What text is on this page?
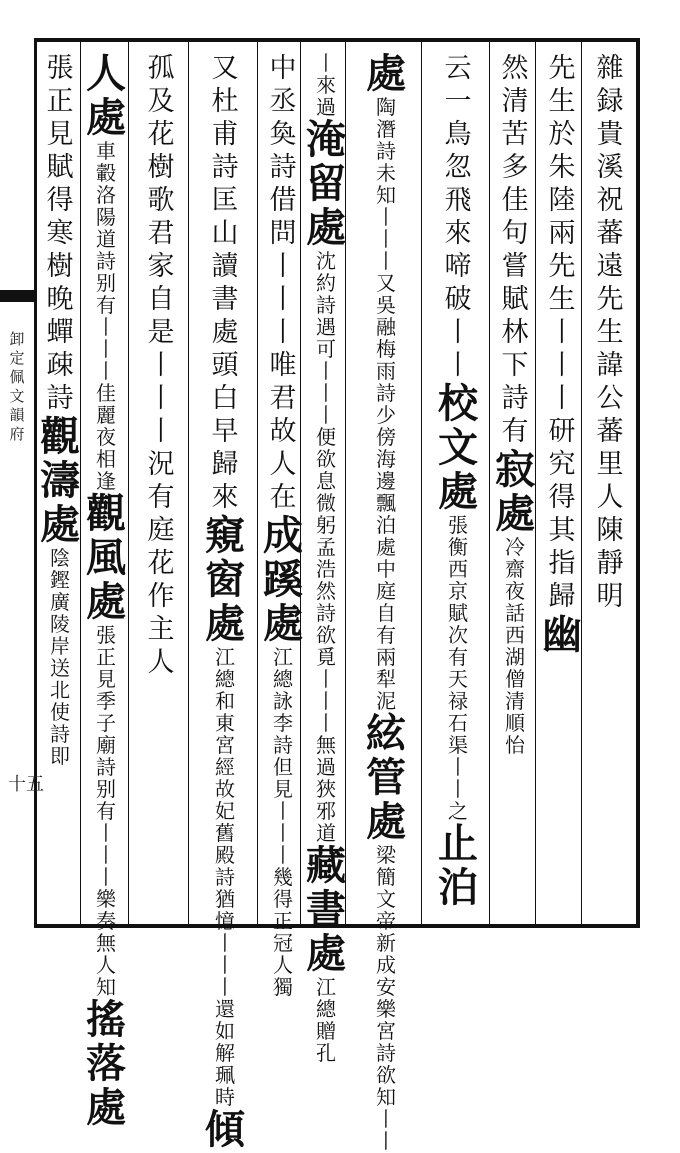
卸
定
佩
文
韻
府
十五
雜
録
貴
溪
祝
蕃
遠
先
生
諱
公
蕃
里
人
陳
靜
明
先
生
於
朱
陸
兩
先
生
丨
丨
丨
研
究
得
其
指
歸
幽
然
清
苦
多
佳
句
嘗
賦
林
下
詩
有
寂
處
冷
齋
夜
話
西
湖
僧
清
順
怡
云
一
鳥
忽
飛
來
啼
破
丨
丨
校
文
處
張
衡
西
京
賦
次
有
天
禄
石
渠
丨
丨
之
止
泊
處
陶
潛
詩
未
知
丨
丨
丨
又
吳
融
梅
雨
詩
少
傍
海
邊
飄
泊
處
中
庭
自
有
兩
犁
泥
絃
管
處
梁
簡
文
帝
新
成
安
樂
宮
詩
欲
知
丨
丨
丨
來
過
淹
留
處
沈
約
詩
遇
可
丨
丨
丨
便
欲
息
微
躬
孟
浩
然
詩
欲
覓
丨
丨
丨
無
過
狹
邪
道
藏
書
處
江
總
贈
孔
中
丞
奐
詩
借
問
丨
丨
丨
唯
君
故
人
在
成
蹊
處
江
總
詠
李
詩
但
見
丨
丨
丨
幾
得
正
冠
人
獨
又
杜
甫
詩
匡
山
讀
書
處
頭
白
早
歸
來
窺
窗
處
江
總
和
東
宮
經
故
妃
舊
殿
詩
猶
憶
丨
丨
丨
還
如
解
珮
時
傾
孤
及
花
樹
歌
君
家
自
是
丨
丨
丨
況
有
庭
花
作
主
人
人
處
車
轂
洛
陽
道
詩
别
有
丨
丨
丨
佳
麗
夜
相
逢
觀
風
處
張
正
見
季
子
廟
詩
别
有
丨
丨
丨
樂
奏
無
人
知
搖
落
處
張
正
見
賦
得
寒
樹
晚
蟬
疎
詩
觀
濤
處
陰
鏗
廣
陵
岸
送
北
使
詩
即
